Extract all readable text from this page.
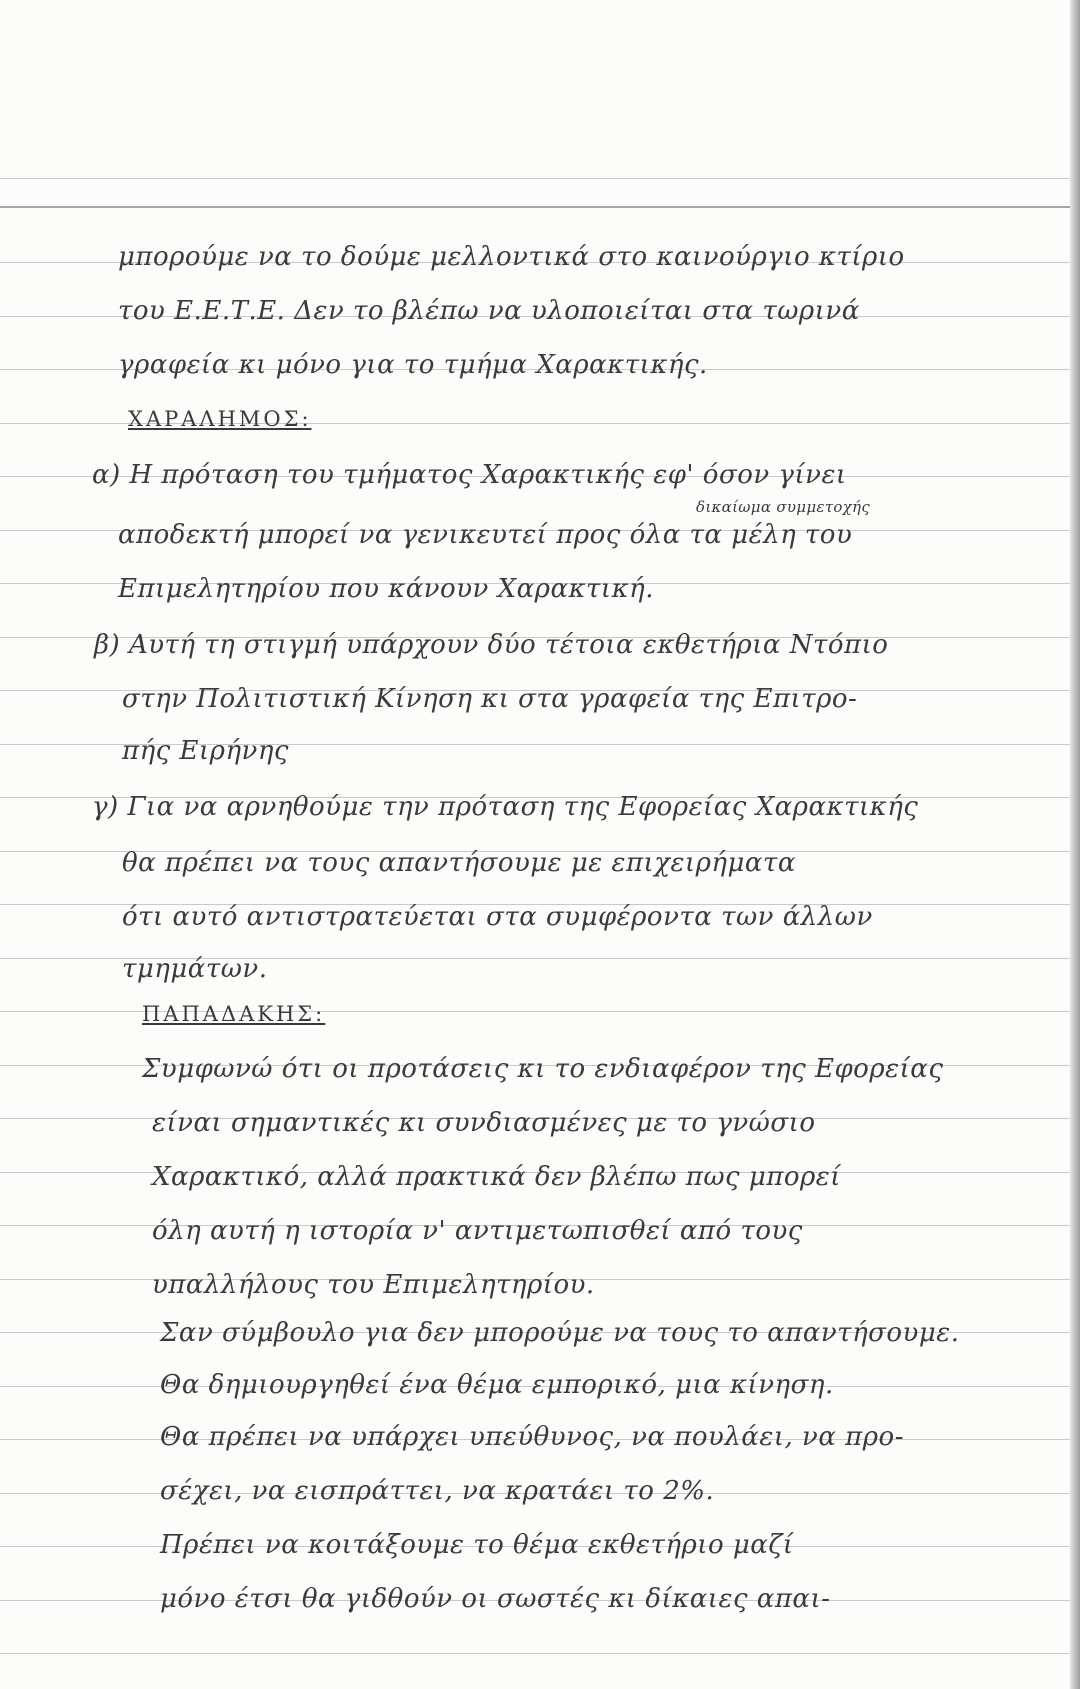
μπορούμε να το δούμε μελλοντικά στο καινούργιο κτίριο
του Ε.Ε.Τ.Ε. Δεν το βλέπω να υλοποιείται στα τωρινά
γραφεία κι μόνο για το τμήμα Χαρακτικής.
ΧΑΡΑΛΗΜΟΣ:
α) Η πρόταση του τμήματος Χαρακτικής εφ' όσον γίνει
δικαίωμα συμμετοχής
αποδεκτή μπορεί να γενικευτεί προς όλα τα μέλη του
Επιμελητηρίου που κάνουν Χαρακτική.
β) Αυτή τη στιγμή υπάρχουν δύο τέτοια εκθετήρια Ντόπιο
στην Πολιτιστική Κίνηση κι στα γραφεία της Επιτρο-
πής Ειρήνης
γ) Για να αρνηθούμε την πρόταση της Εφορείας Χαρακτικής
θα πρέπει να τους απαντήσουμε με επιχειρήματα
ότι αυτό αντιστρατεύεται στα συμφέροντα των άλλων
τμημάτων.
ΠΑΠΑΔΑΚΗΣ:
Συμφωνώ ότι οι προτάσεις κι το ενδιαφέρον της Εφορείας
είναι σημαντικές κι συνδιασμένες με το γνώσιο
Χαρακτικό, αλλά πρακτικά δεν βλέπω πως μπορεί
όλη αυτή η ιστορία ν' αντιμετωπισθεί από τους
υπαλλήλους του Επιμελητηρίου.
Σαν σύμβουλο για δεν μπορούμε να τους το απαντήσουμε.
Θα δημιουργηθεί ένα θέμα εμπορικό, μια κίνηση.
Θα πρέπει να υπάρχει υπεύθυνος, να πουλάει, να προ-
σέχει, να εισπράττει, να κρατάει το 2%.
Πρέπει να κοιτάξουμε το θέμα εκθετήριο μαζί
μόνο έτσι θα γιδθούν οι σωστές κι δίκαιες απαι-
